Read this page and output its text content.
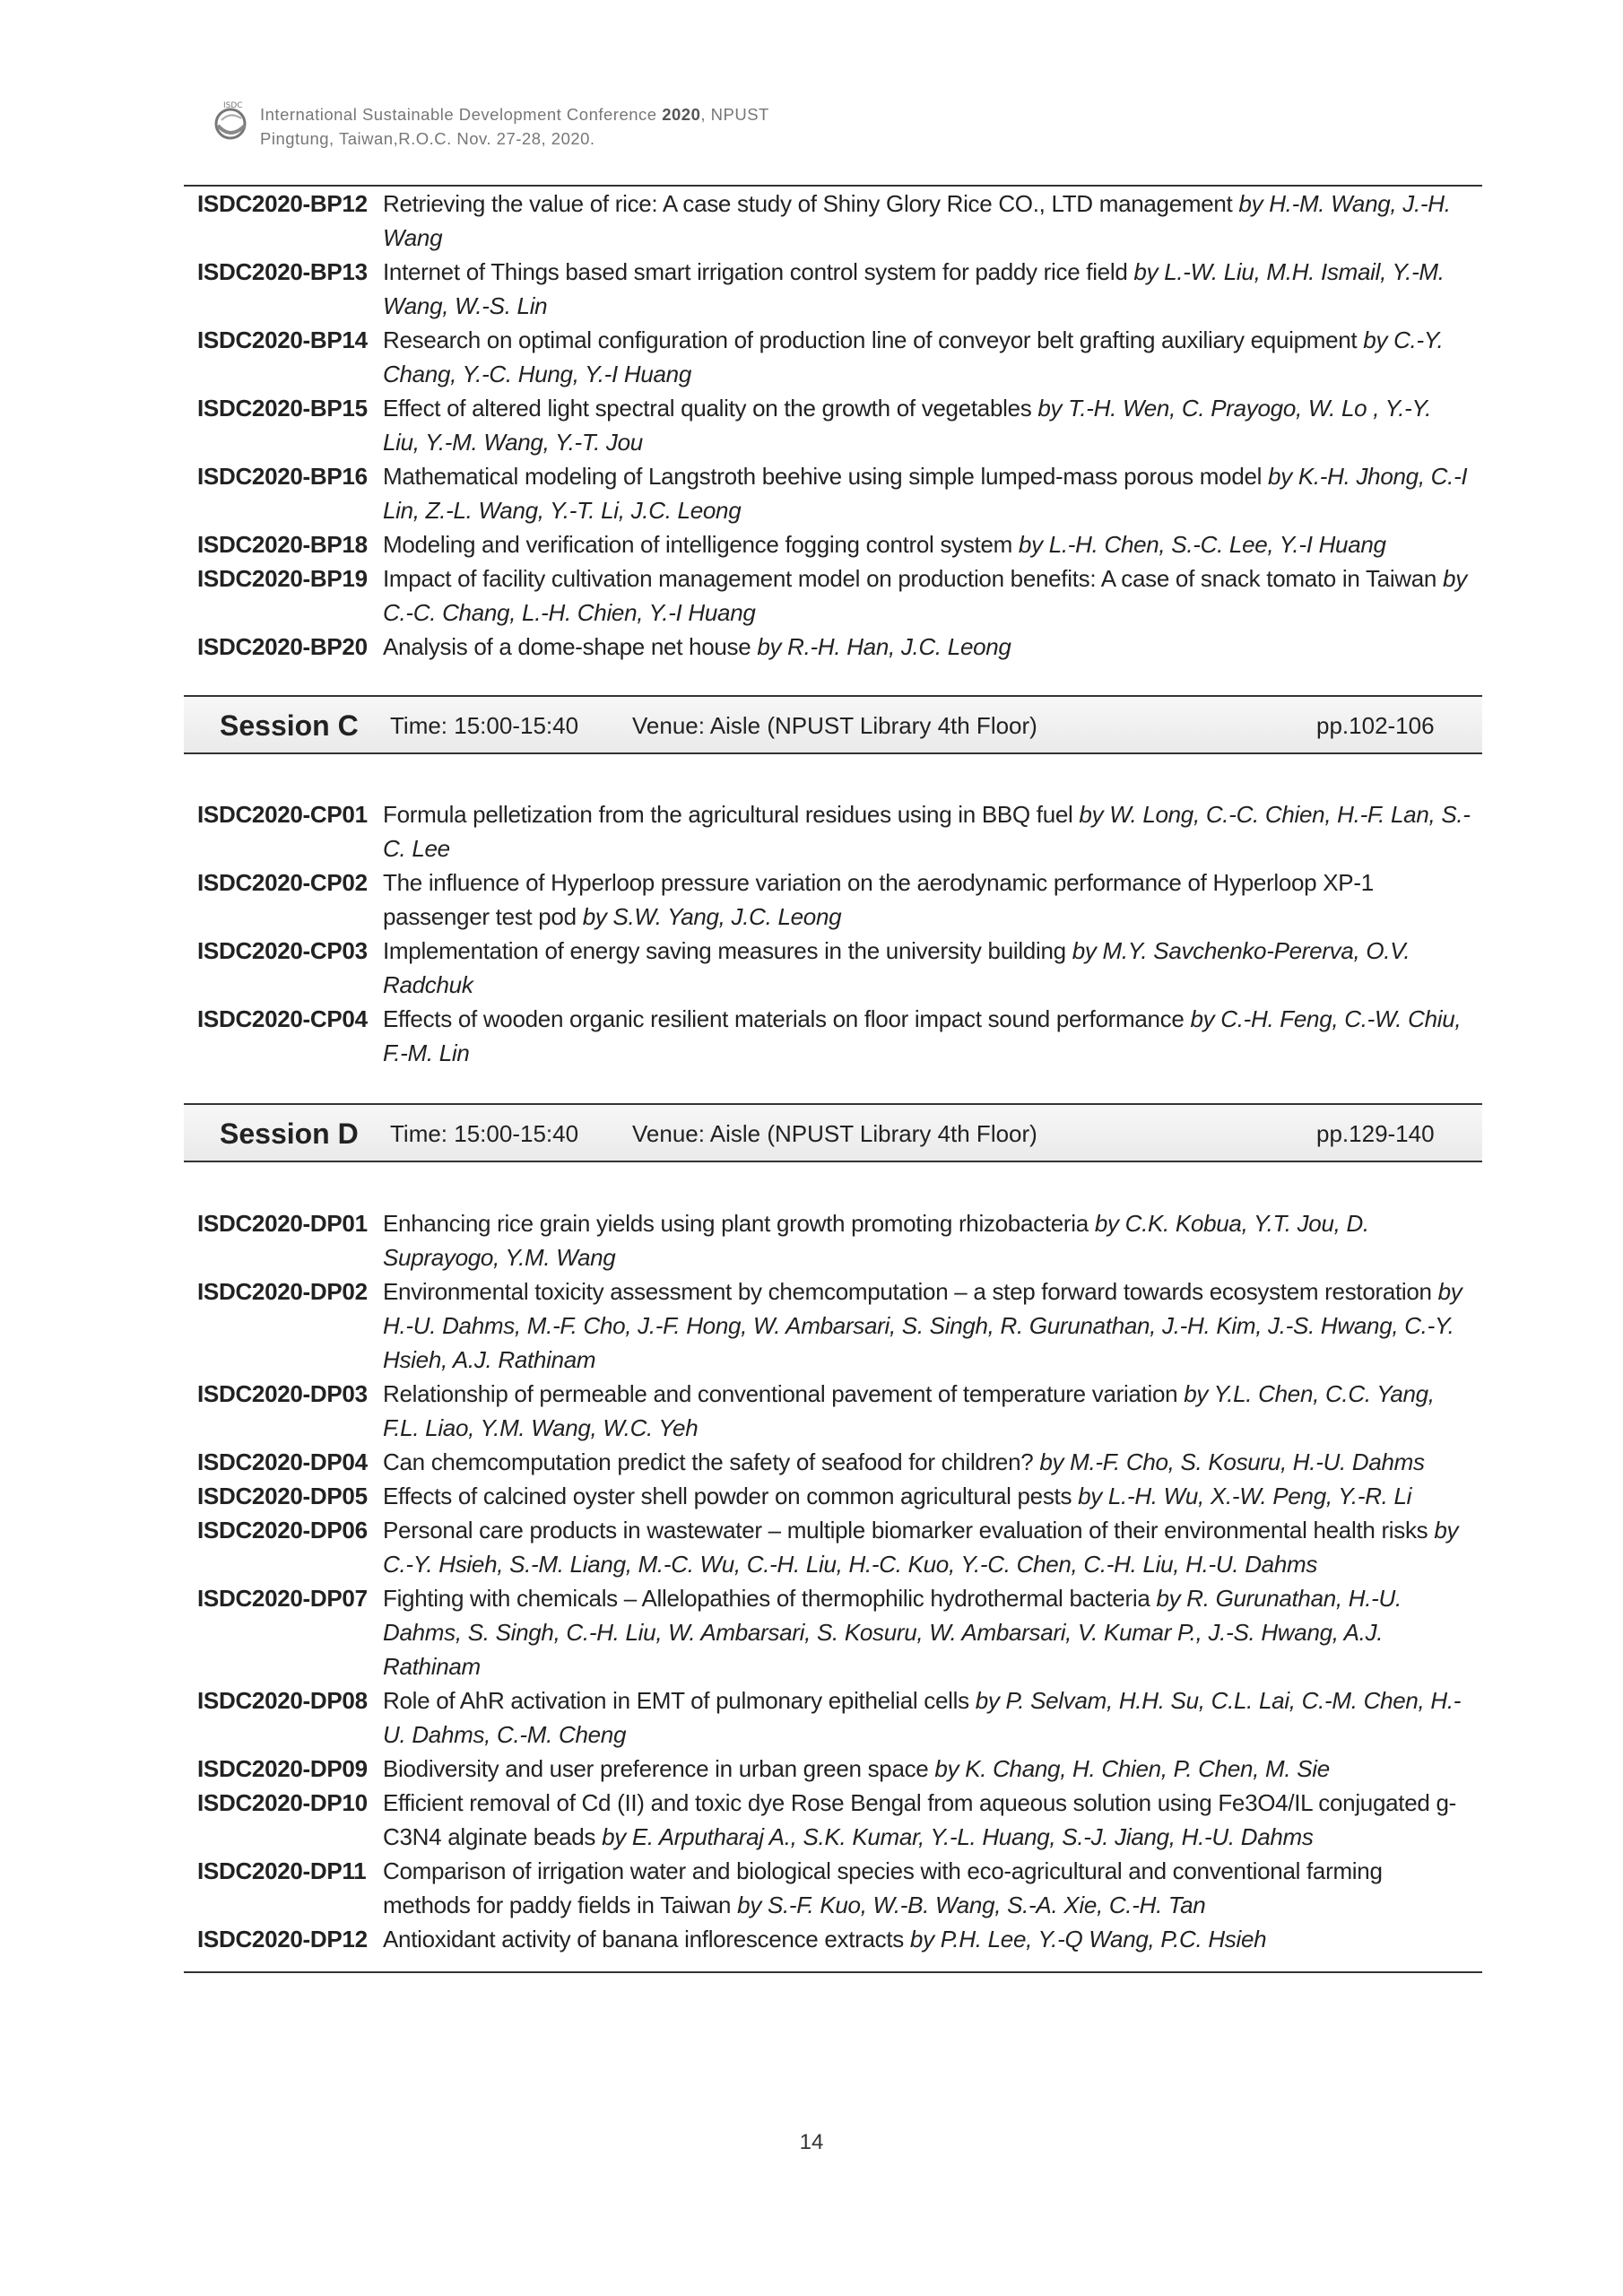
ISDC International Sustainable Development Conference 2020, NPUST
Pingtung, Taiwan,R.O.C. Nov. 27-28, 2020.
ISDC2020-BP12 Retrieving the value of rice: A case study of Shiny Glory Rice CO., LTD management by H.-M. Wang, J.-H. Wang
ISDC2020-BP13 Internet of Things based smart irrigation control system for paddy rice field by L.-W. Liu, M.H. Ismail, Y.-M. Wang, W.-S. Lin
ISDC2020-BP14 Research on optimal configuration of production line of conveyor belt grafting auxiliary equipment by C.-Y. Chang, Y.-C. Hung, Y.-I Huang
ISDC2020-BP15 Effect of altered light spectral quality on the growth of vegetables by T.-H. Wen, C. Prayogo, W. Lo , Y.-Y. Liu, Y.-M. Wang, Y.-T. Jou
ISDC2020-BP16 Mathematical modeling of Langstroth beehive using simple lumped-mass porous model by K.-H. Jhong, C.-I Lin, Z.-L. Wang, Y.-T. Li, J.C. Leong
ISDC2020-BP18 Modeling and verification of intelligence fogging control system by L.-H. Chen, S.-C. Lee, Y.-I Huang
ISDC2020-BP19 Impact of facility cultivation management model on production benefits: A case of snack tomato in Taiwan by C.-C. Chang, L.-H. Chien, Y.-I Huang
ISDC2020-BP20 Analysis of a dome-shape net house by R.-H. Han, J.C. Leong
Session C Time: 15:00-15:40 Venue: Aisle (NPUST Library 4th Floor)	pp.102-106
ISDC2020-CP01 Formula pelletization from the agricultural residues using in BBQ fuel by W. Long, C.-C. Chien, H.-F. Lan, S.-C. Lee
ISDC2020-CP02 The influence of Hyperloop pressure variation on the aerodynamic performance of Hyperloop XP-1 passenger test pod by S.W. Yang, J.C. Leong
ISDC2020-CP03 Implementation of energy saving measures in the university building by M.Y. Savchenko-Pererva, O.V. Radchuk
ISDC2020-CP04 Effects of wooden organic resilient materials on floor impact sound performance by C.-H. Feng, C.-W. Chiu, F.-M. Lin
Session D Time: 15:00-15:40 Venue: Aisle (NPUST Library 4th Floor)	pp.129-140
ISDC2020-DP01 Enhancing rice grain yields using plant growth promoting rhizobacteria by C.K. Kobua, Y.T. Jou, D. Suprayogo, Y.M. Wang
ISDC2020-DP02 Environmental toxicity assessment by chemcomputation – a step forward towards ecosystem restoration by H.-U. Dahms, M.-F. Cho, J.-F. Hong, W. Ambarsari, S. Singh, R. Gurunathan, J.-H. Kim, J.-S. Hwang, C.-Y. Hsieh, A.J. Rathinam
ISDC2020-DP03 Relationship of permeable and conventional pavement of temperature variation by Y.L. Chen, C.C. Yang, F.L. Liao, Y.M. Wang, W.C. Yeh
ISDC2020-DP04 Can chemcomputation predict the safety of seafood for children? by M.-F. Cho, S. Kosuru, H.-U. Dahms
ISDC2020-DP05 Effects of calcined oyster shell powder on common agricultural pests by L.-H. Wu, X.-W. Peng, Y.-R. Li
ISDC2020-DP06 Personal care products in wastewater – multiple biomarker evaluation of their environmental health risks by C.-Y. Hsieh, S.-M. Liang, M.-C. Wu, C.-H. Liu, H.-C. Kuo, Y.-C. Chen, C.-H. Liu, H.-U. Dahms
ISDC2020-DP07 Fighting with chemicals – Allelopathies of thermophilic hydrothermal bacteria by R. Gurunathan, H.-U. Dahms, S. Singh, C.-H. Liu, W. Ambarsari, S. Kosuru, W. Ambarsari, V. Kumar P., J.-S. Hwang, A.J. Rathinam
ISDC2020-DP08 Role of AhR activation in EMT of pulmonary epithelial cells by P. Selvam, H.H. Su, C.L. Lai, C.-M. Chen, H.-U. Dahms, C.-M. Cheng
ISDC2020-DP09 Biodiversity and user preference in urban green space by K. Chang, H. Chien, P. Chen, M. Sie
ISDC2020-DP10 Efficient removal of Cd (II) and toxic dye Rose Bengal from aqueous solution using Fe3O4/IL conjugated g-C3N4 alginate beads by E. Arputharaj A., S.K. Kumar, Y.-L. Huang, S.-J. Jiang, H.-U. Dahms
ISDC2020-DP11 Comparison of irrigation water and biological species with eco-agricultural and conventional farming methods for paddy fields in Taiwan by S.-F. Kuo, W.-B. Wang, S.-A. Xie, C.-H. Tan
ISDC2020-DP12 Antioxidant activity of banana inflorescence extracts by P.H. Lee, Y.-Q Wang, P.C. Hsieh
14
